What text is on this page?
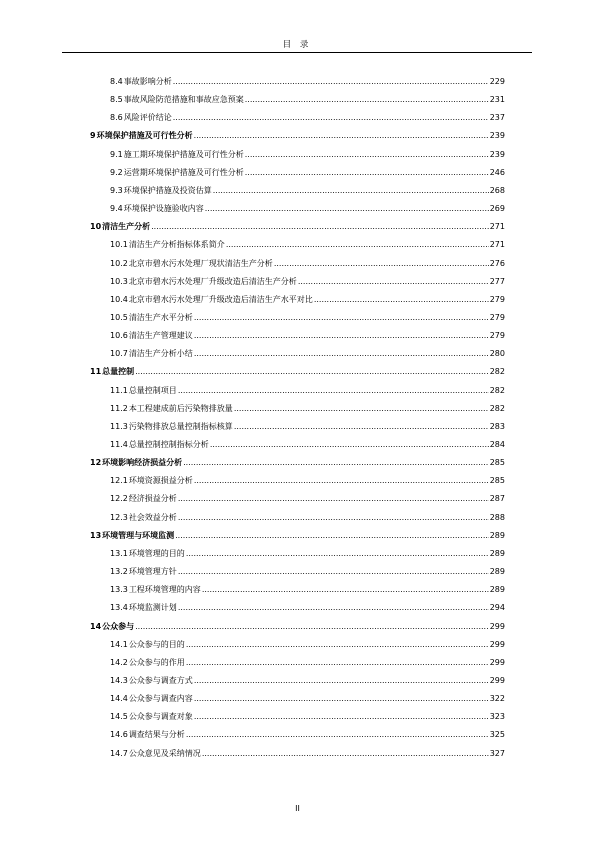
目 录
8.4 事故影响分析 .....	229
8.5 事故风险防范措施和事故应急预案 .....	231
8.6 风险评价结论 .....	237
9 环境保护措施及可行性分析 .....	239
9.1 施工期环境保护措施及可行性分析 .....	239
9.2 运营期环境保护措施及可行性分析 .....	246
9.3 环境保护措施及投资估算 .....	268
9.4 环境保护设施验收内容 .....	269
10 清洁生产分析 .....	271
10.1 清洁生产分析指标体系简介 .....	271
10.2 北京市碧水污水处理厂现状清洁生产分析 .....	276
10.3 北京市碧水污水处理厂升级改造后清洁生产分析 .....	277
10.4 北京市碧水污水处理厂升级改造后清洁生产水平对比 .....	279
10.5 清洁生产水平分析 .....	279
10.6 清洁生产管理建议 .....	279
10.7 清洁生产分析小结 .....	280
11 总量控制 .....	282
11.1 总量控制项目 .....	282
11.2 本工程建成前后污染物排放量 .....	282
11.3 污染物排放总量控制指标核算 .....	283
11.4 总量控制控制指标分析 .....	284
12 环境影响经济损益分析 .....	285
12.1 环境资源损益分析 .....	285
12.2 经济损益分析 .....	287
12.3 社会效益分析 .....	288
13 环境管理与环境监测 .....	289
13.1 环境管理的目的 .....	289
13.2 环境管理方针 .....	289
13.3 工程环境管理的内容 .....	289
13.4 环境监测计划 .....	294
14 公众参与 .....	299
14.1 公众参与的目的 .....	299
14.2 公众参与的作用 .....	299
14.3 公众参与调查方式 .....	299
14.4 公众参与调查内容 .....	322
14.5 公众参与调查对象 .....	323
14.6 调查结果与分析 .....	325
14.7 公众意见及采纳情况 .....	327
II
